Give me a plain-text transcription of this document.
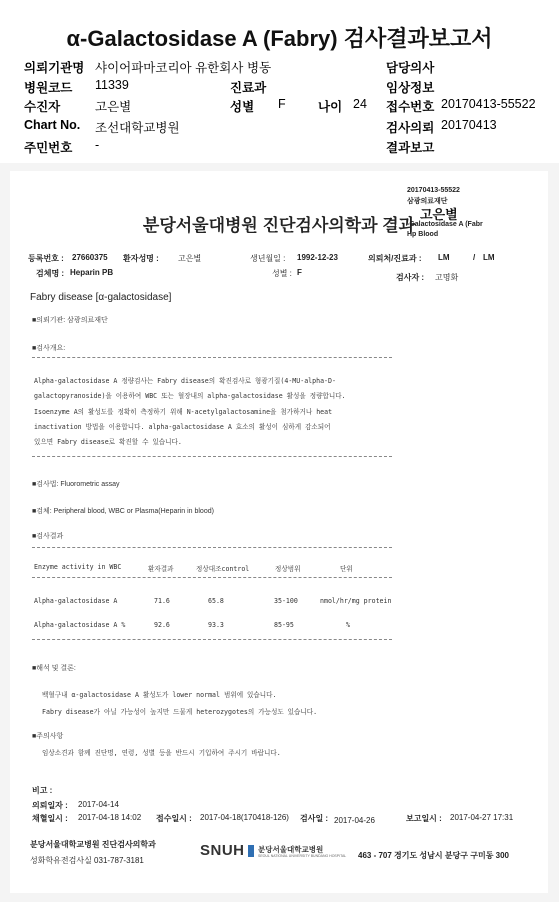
α-Galactosidase A (Fabry) 검사결과보고서
의뢰기관명 샤이어파마코리아 유한회사 병동
병원코드 11339	진료과
수진자	고은별	성별 F	나이 24
Chart No. 조선대학교병원
주민번호 -
담당의사
임상정보
접수번호 20170413-55522
검사의뢰 20170413
결과보고
20170413-55522
삼광의료재단
고은별
-Galactosidase A (Fabr
Hp Blood
분당서울대병원 진단검사의학과 결과
등록번호 : 27660375 환자성명 : 고은별	생년월일 : 1992-12-23	의뢰처/진료과 : LM	/ LM
검체명 : Heparin PB	성별 : F
검사자 : 고명화
Fabry disease [α-galactosidase]
■의뢰기관: 삼광의료재단
■검사개요:
Alpha-galactosidase A 정량검사는 Fabry disease의 확진검사로 형광기질(4-MU-alpha-D-
galactopyranoside)을 이용하여 WBC 또는 혈장내의 alpha-galactosidase 활성을 정량합니다.
Isoenzyme A의 활성도를 정확히 측정하기 위해 N-acetylgalactosamine을 첨가하거나 heat
inactivation 방법을 이용합니다. alpha-galactosidase A 효소의 활성이 심하게 감소되어
있으면 Fabry disease로 확진할 수 있습니다.
■검사법: Fluorometric assay
■검체: Peripheral blood, WBC or Plasma(Heparin in blood)
■검사결과
Enzyme activity in WBC	환자결과	정상대조control	정상범위	단위
Alpha-galactosidase A	71.6	65.8	35-100	nmol/hr/mg protein
Alpha-galactosidase A %	92.6	93.3	85-95	%
■해석 및 결론:
백혈구내 α-galactosidase A 활성도가 lower normal 범위에 있습니다.
Fabry disease가 아닐 가능성이 높지만 드물게 heterozygotes의 가능성도 있습니다.
■주의사항
임상소견과 함께 진단명, 연령, 성별 등을 반드시 기입하여 주시기 바랍니다.
비고 :
의뢰일자 : 2017-04-14
채혈일시 : 2017-04-18 14:02 접수일시 : 2017-04-18(170418-126) 검사일 : 2017-04-26	보고일시 : 2017-04-27 17:31
분당서울대학교병원 진단검사의학과
성화학유전검사실 031-787-3181
SNUH 분당서울대학교병원
SEOUL NATIONAL UNIVERSITY BUNDANG HOSPITAL 463 - 707 경기도 성남시 분당구 구미동 300
